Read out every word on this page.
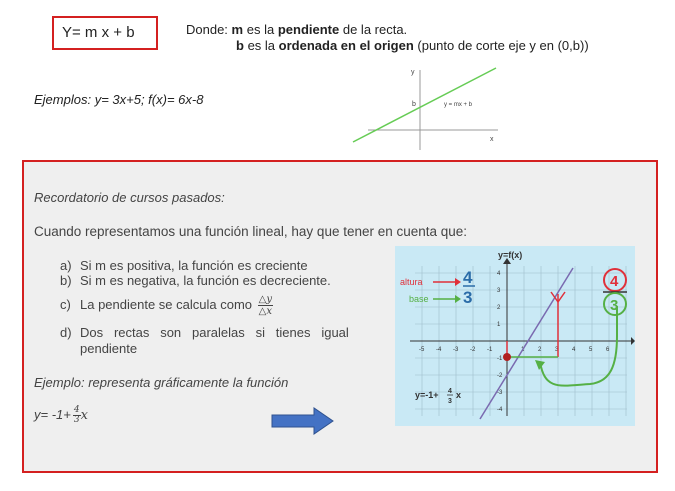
Y= m x + b	Donde: m es la pendiente de la recta.
b es la ordenada en el origen (punto de corte eje y en (0,b))
Ejemplos: y= 3x+5; f(x)= 6x-8
y
x
b	y = mx + b
Recordatorio de cursos pasados:
Cuando representamos una función lineal, hay que tener en cuenta que:
a) Si m es positiva, la función es creciente
b) Si m es negativa, la función es decreciente.
c) La pendiente se calcula como $\frac{\triangle y}{\triangle x}$
d) Dos   rectas   son   paralelas   si   tienes   igual
pendiente
Ejemplo: representa gráficamente la función
$y= -1+ \frac{4}{3}$ x
-5 -4 -3 -2 -1	2 3 4 5 6
4
3
2
1
-1
-2
-3
-4
y=f(x)
altura
base
4
3
4
3
y=-1+ 4
3
x
